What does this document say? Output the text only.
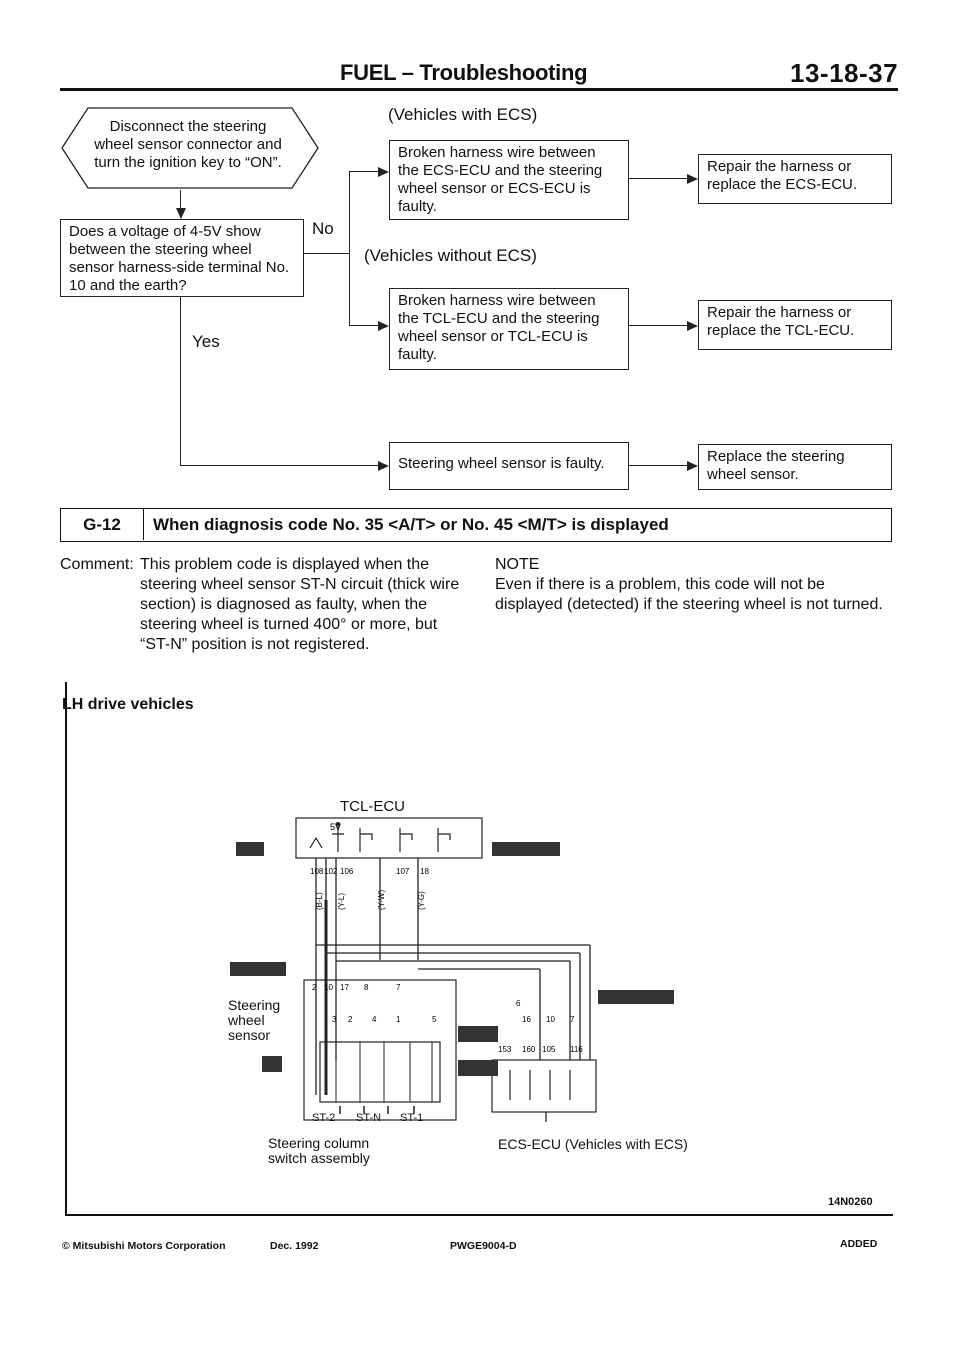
FUEL – Troubleshooting	13-18-37
Disconnect the steering wheel sensor connector and turn the ignition key to “ON”.
Does a voltage of 4-5V show between the steering wheel sensor harness-side terminal No. 10 and the earth?
No
(Vehicles with ECS)
Broken harness wire between the ECS-ECU and the steering wheel sensor or ECS-ECU is faulty.
Repair the harness or replace the ECS-ECU.
(Vehicles without ECS)
Broken harness wire between the TCL-ECU and the steering wheel sensor or TCL-ECU is faulty.
Repair the harness or replace the TCL-ECU.
Yes
Steering wheel sensor is faulty.	Replace the steering wheel sensor.
G-12	When diagnosis code No. 35 <A/T> or No. 45 <M/T> is displayed
Comment: This problem code is displayed when the steering wheel sensor ST-N circuit (thick wire section) is diagnosed as faulty, when the steering wheel is turned 400° or more, but “ST-N” position is not registered.
NOTE
Even if there is a problem, this code will not be displayed (detected) if the steering wheel is not turned.
LH drive vehicles
TCL-ECU
5V
108 102 106	107 18
(B-L) (Y-L)	(Y-W)	(Y-G)
2 10 17 8	7
3 2 4 1	5
6
16 10 7
153 160 105 116
Steering wheel sensor
ST-2 ST-N ST-1
Steering column switch assembly
ECS-ECU (Vehicles with ECS)
14N0260
© Mitsubishi Motors Corporation	Dec. 1992	PWGE9004-D	ADDED
